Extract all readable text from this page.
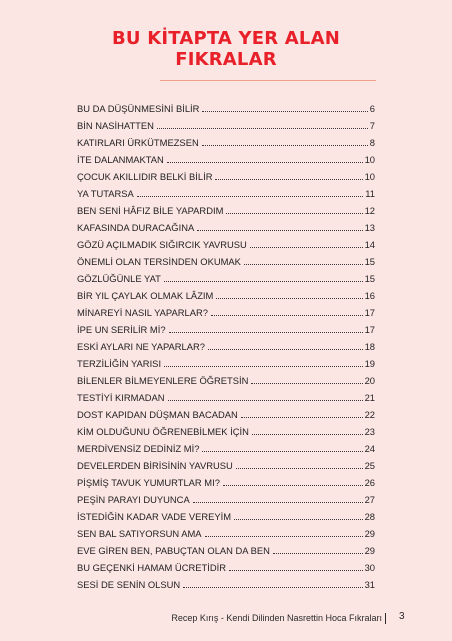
BU KİTAPTA YER ALAN
FIKRALAR
BU DA DÜŞÜNMESİNİ BİLİR	6
BİN NASİHATTEN	7
KATIRLARI ÜRKÜTMEZSEN	8
İTE DALANMAKTAN	10
ÇOCUK AKILLIDIR BELKİ BİLİR	10
YA TUTARSA	11
BEN SENİ HÂFIZ BİLE YAPARDIM	12
KAFASINDA DURACAĞINA	13
GÖZÜ AÇILMADIK SIĞIRCIK YAVRUSU	14
ÖNEMLİ OLAN TERSİNDEN OKUMAK	15
GÖZLÜĞÜNLE YAT	15
BİR YIL ÇAYLAK OLMAK LÂZIM	16
MİNAREYİ NASIL YAPARLAR?	17
İPE UN SERİLİR Mİ?	17
ESKİ AYLARI NE YAPARLAR?	18
TERZİLİĞİN YARISI	19
BİLENLER BİLMEYENLERE ÖĞRETSİN	20
TESTİYİ KIRMADAN	21
DOST KAPIDAN DÜŞMAN BACADAN	22
KİM OLDUĞUNU ÖĞRENEBİLMEK İÇİN	23
MERDİVENSİZ DEDİNİZ Mİ?	24
DEVELERDEN BİRİSİNİN YAVRUSU	25
PİŞMİŞ TAVUK YUMURTLAR MI?	26
PEŞİN PARAYI DUYUNCA	27
İSTEDİĞİN KADAR VADE VEREYİM	28
SEN BAL SATIYORSUN AMA	29
EVE GİREN BEN, PABUÇTAN OLAN DA BEN	29
BU GEÇENKİ HAMAM ÜCRETİDİR	30
SESİ DE SENİN OLSUN	31
Recep Kırış - Kendi Dilinden Nasrettin Hoca Fıkraları	3
